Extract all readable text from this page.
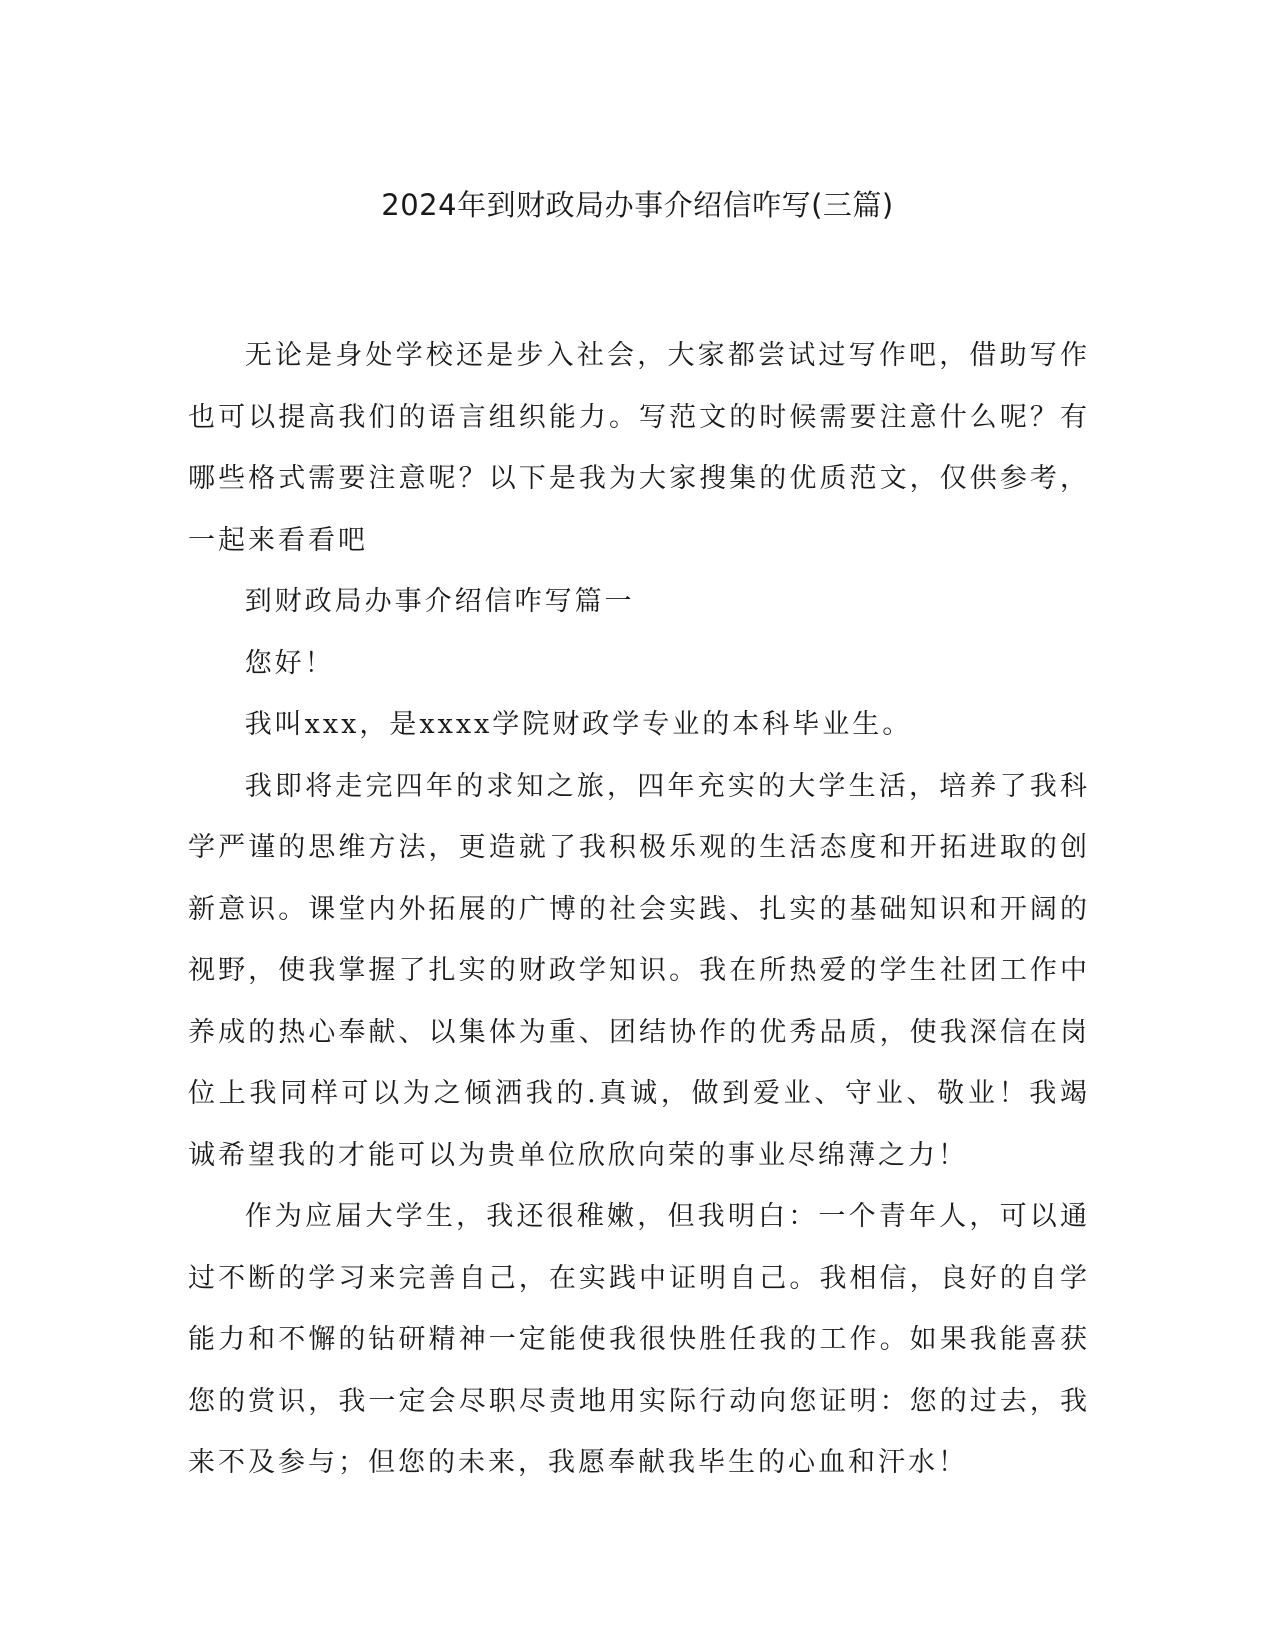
2024年到财政局办事介绍信咋写(三篇)

无论是身处学校还是步入社会，大家都尝试过写作吧，借助写作也可以提高我们的语言组织能力。写范文的时候需要注意什么呢？有哪些格式需要注意呢？以下是我为大家搜集的优质范文，仅供参考，一起来看看吧

到财政局办事介绍信咋写篇一

您好！

我叫xxx，是xxxx学院财政学专业的本科毕业生。

我即将走完四年的求知之旅，四年充实的大学生活，培养了我科学严谨的思维方法，更造就了我积极乐观的生活态度和开拓进取的创新意识。课堂内外拓展的广博的社会实践、扎实的基础知识和开阔的视野，使我掌握了扎实的财政学知识。我在所热爱的学生社团工作中养成的热心奉献、以集体为重、团结协作的优秀品质，使我深信在岗位上我同样可以为之倾洒我的.真诚，做到爱业、守业、敬业！我竭诚希望我的才能可以为贵单位欣欣向荣的事业尽绵薄之力！

作为应届大学生，我还很稚嫩，但我明白：一个青年人，可以通过不断的学习来完善自己，在实践中证明自己。我相信，良好的自学能力和不懈的钻研精神一定能使我很快胜任我的工作。如果我能喜获您的赏识，我一定会尽职尽责地用实际行动向您证明：您的过去，我来不及参与；但您的未来，我愿奉献我毕生的心血和汗水！
